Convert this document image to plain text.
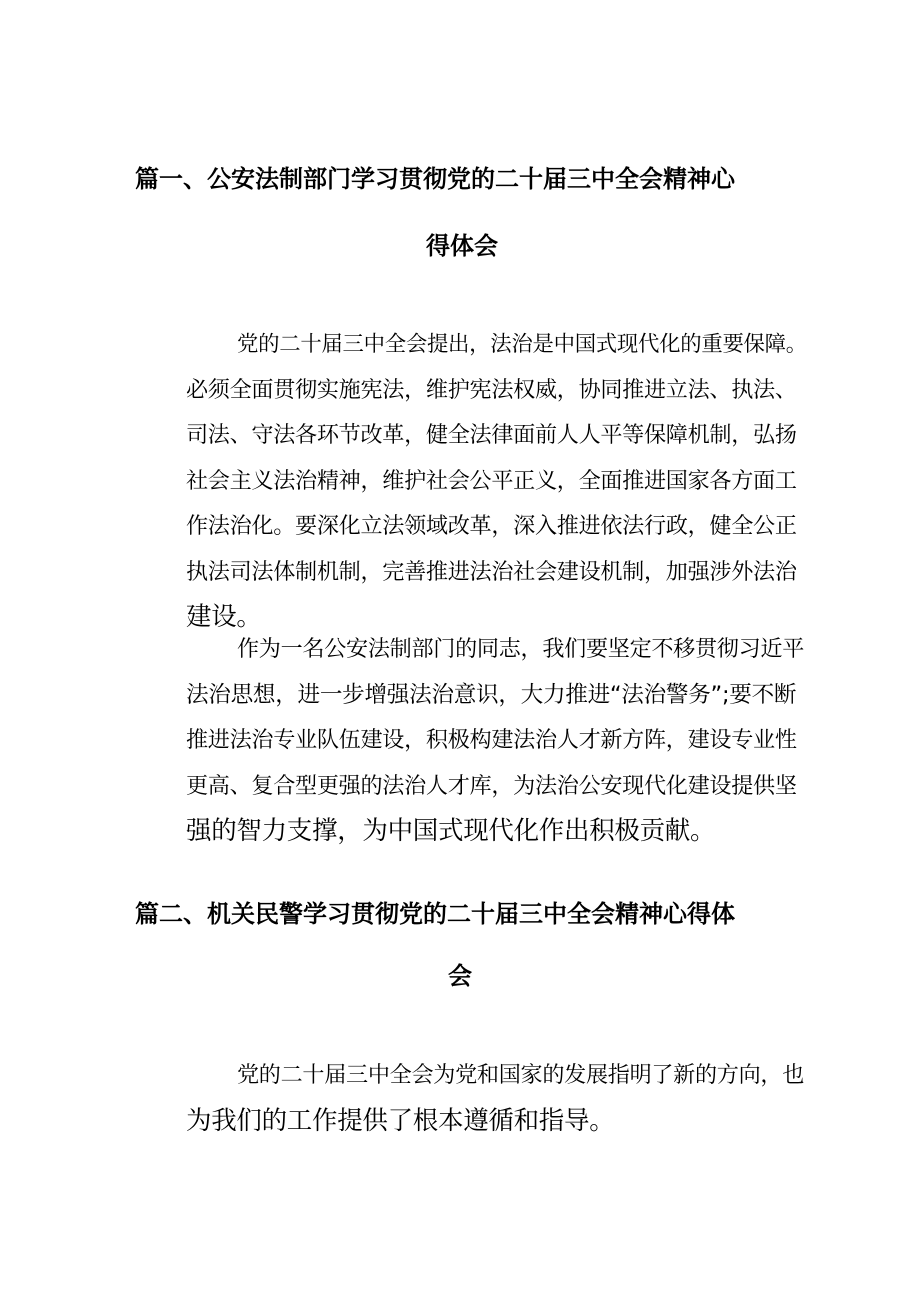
篇一、公安法制部门学习贯彻党的二十届三中全会精神心
得体会
党的二十届三中全会提出，法治是中国式现代化的重要保障。
必须全面贯彻实施宪法，维护宪法权威，协同推进立法、执法、
司法、守法各环节改革，健全法律面前人人平等保障机制，弘扬
社会主义法治精神，维护社会公平正义，全面推进国家各方面工
作法治化。要深化立法领域改革，深入推进依法行政，健全公正
执法司法体制机制，完善推进法治社会建设机制，加强涉外法治
建设。
作为一名公安法制部门的同志，我们要坚定不移贯彻习近平
法治思想，进一步增强法治意识，大力推进“法治警务”;要不断
推进法治专业队伍建设，积极构建法治人才新方阵，建设专业性
更高、复合型更强的法治人才库，为法治公安现代化建设提供坚
强的智力支撑，为中国式现代化作出积极贡献。
篇二、机关民警学习贯彻党的二十届三中全会精神心得体
会
党的二十届三中全会为党和国家的发展指明了新的方向，也
为我们的工作提供了根本遵循和指导。
